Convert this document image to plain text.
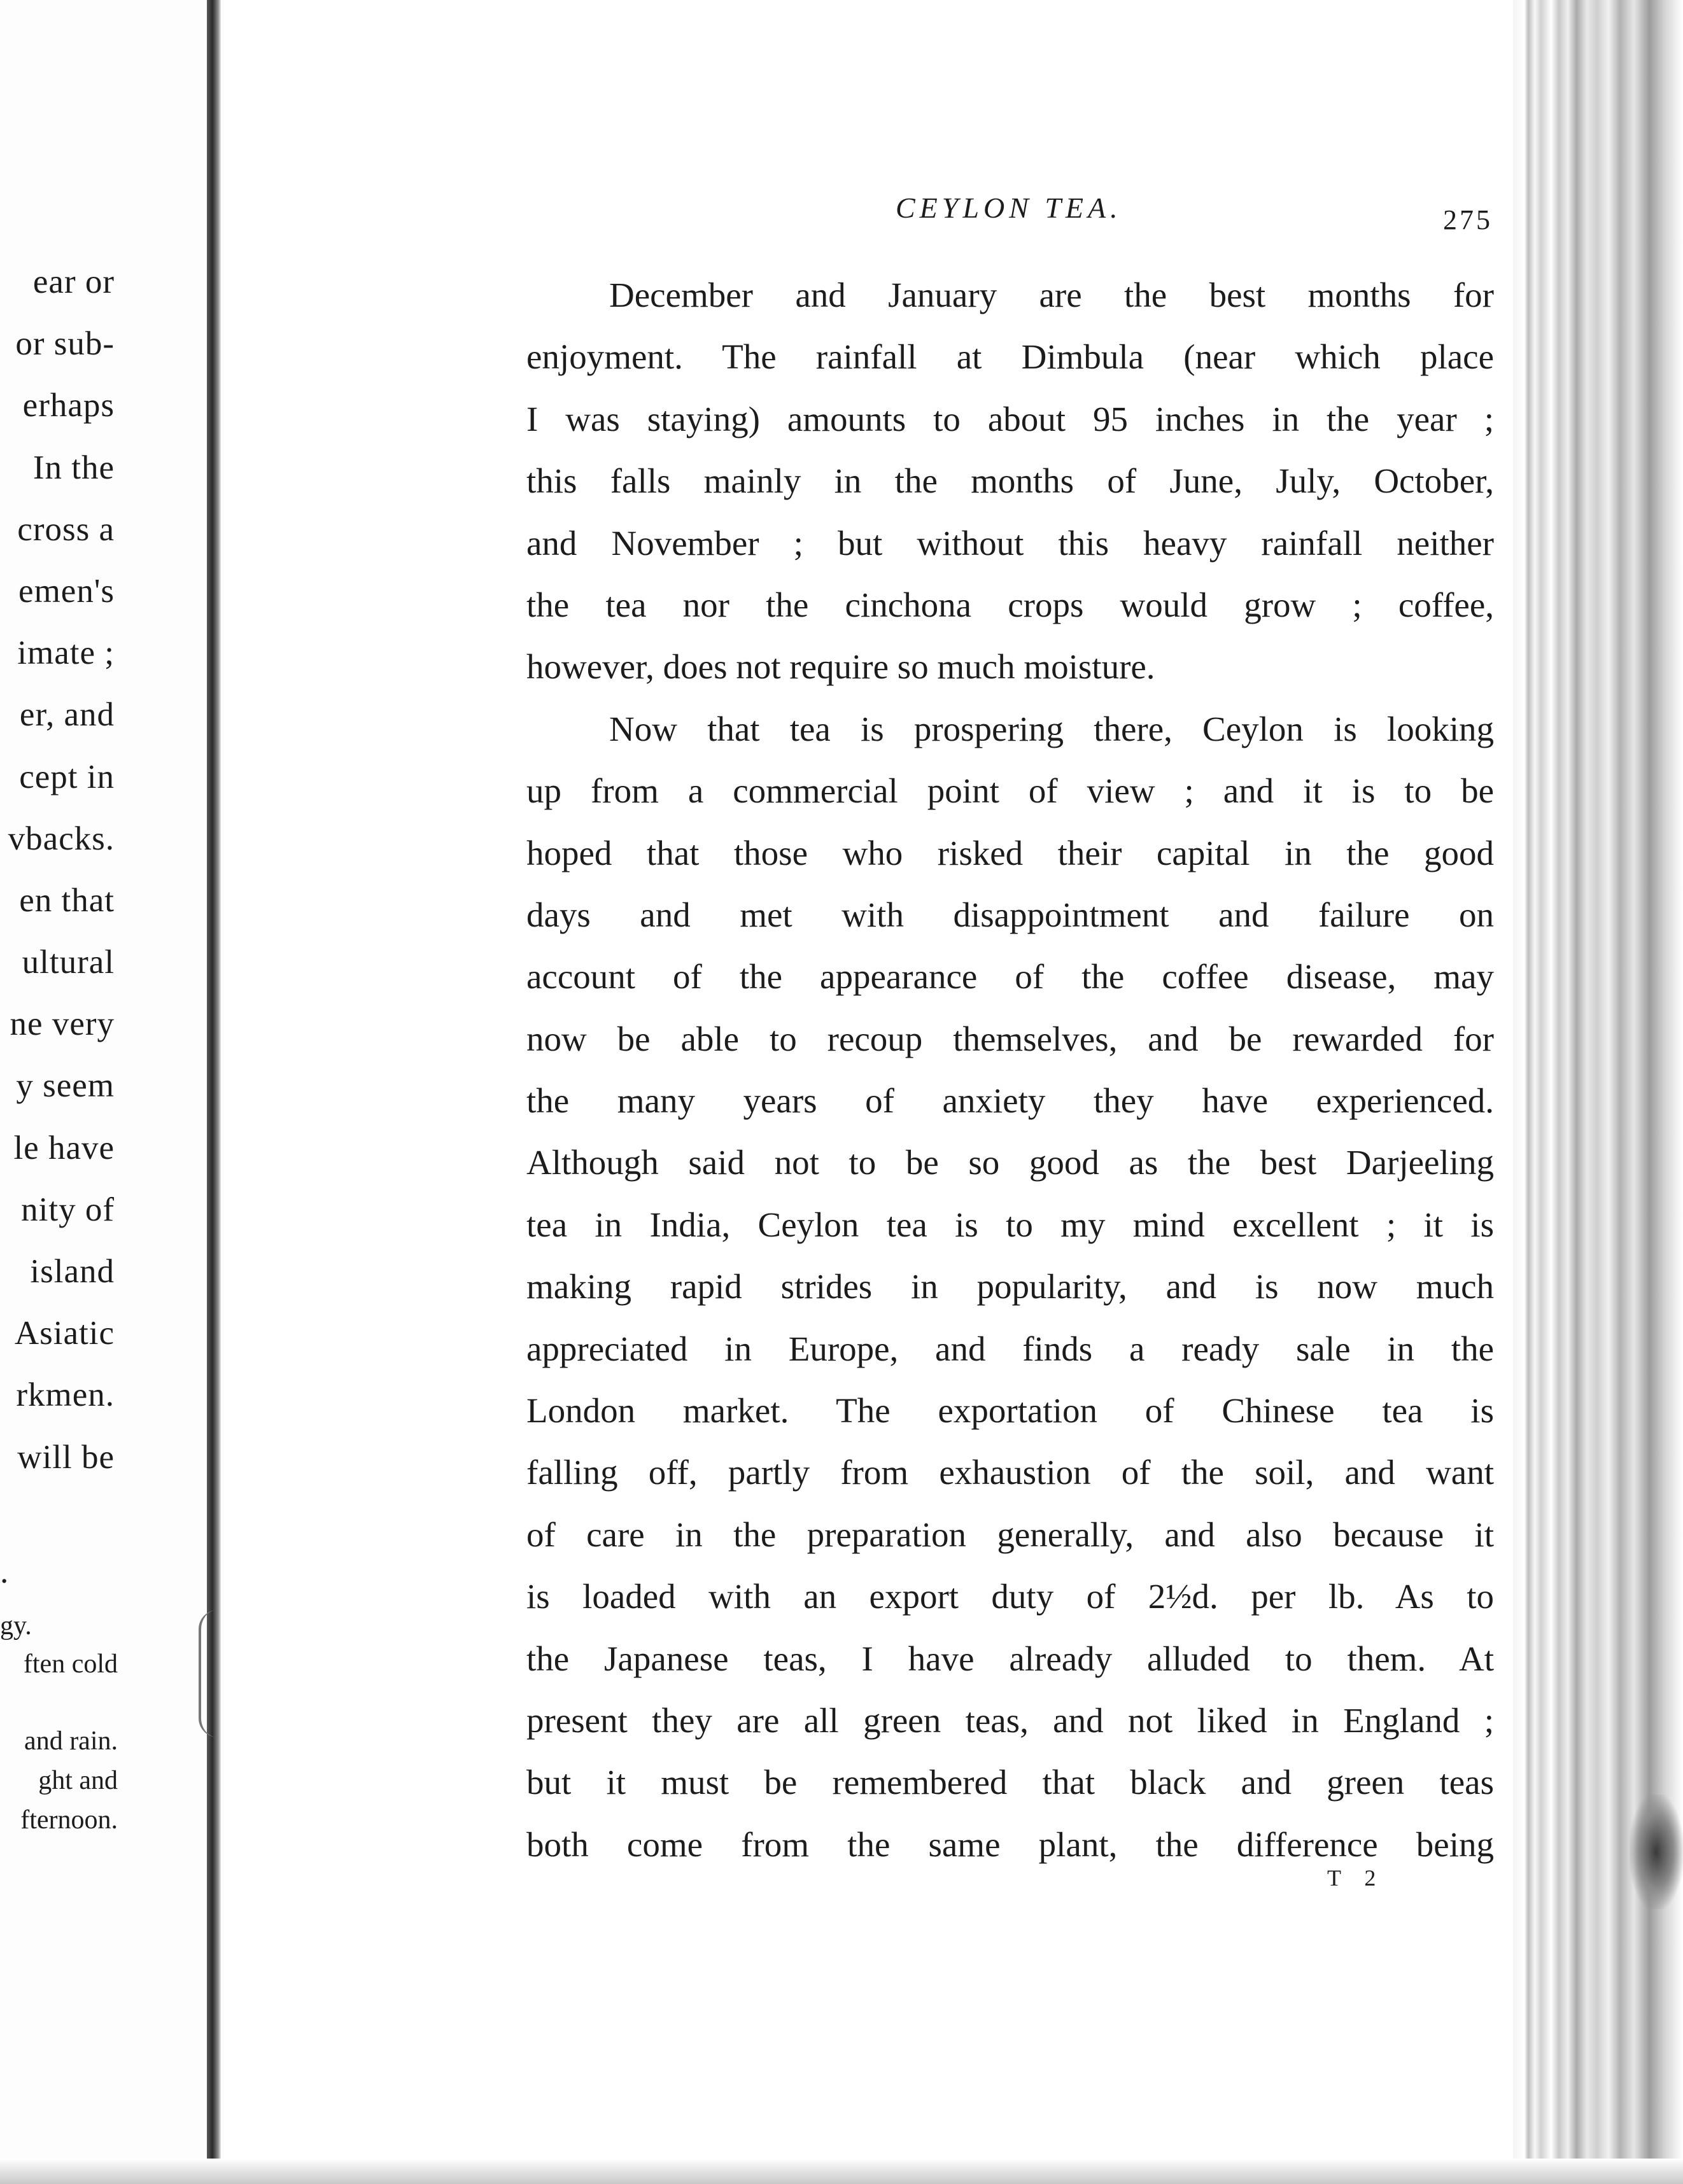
ear or
or sub-
erhaps
In the
cross a
emen's
imate ;
er, and
cept in
vbacks.
en that
ultural
ne very
y seem
le have
nity of
island
Asiatic
rkmen.
will be
.
gy.
ften cold
and rain.
ght and
fternoon.
CEYLON TEA.	275
December and January are the best months for
enjoyment. The rainfall at Dimbula (near which place
I was staying) amounts to about 95 inches in the year ;
this falls mainly in the months of June, July, October,
and November ; but without this heavy rainfall neither
the tea nor the cinchona crops would grow ; coffee,
however, does not require so much moisture.
Now that tea is prospering there, Ceylon is looking
up from a commercial point of view ; and it is to be
hoped that those who risked their capital in the good
days and met with disappointment and failure on
account of the appearance of the coffee disease, may
now be able to recoup themselves, and be rewarded for
the many years of anxiety they have experienced.
Although said not to be so good as the best Darjeeling
tea in India, Ceylon tea is to my mind excellent ; it is
making rapid strides in popularity, and is now much
appreciated in Europe, and finds a ready sale in the
London market. The exportation of Chinese tea is
falling off, partly from exhaustion of the soil, and want
of care in the preparation generally, and also because it
is loaded with an export duty of 2½d. per lb. As to
the Japanese teas, I have already alluded to them. At
present they are all green teas, and not liked in England ;
but it must be remembered that black and green teas
both come from the same plant, the difference being
T 2
